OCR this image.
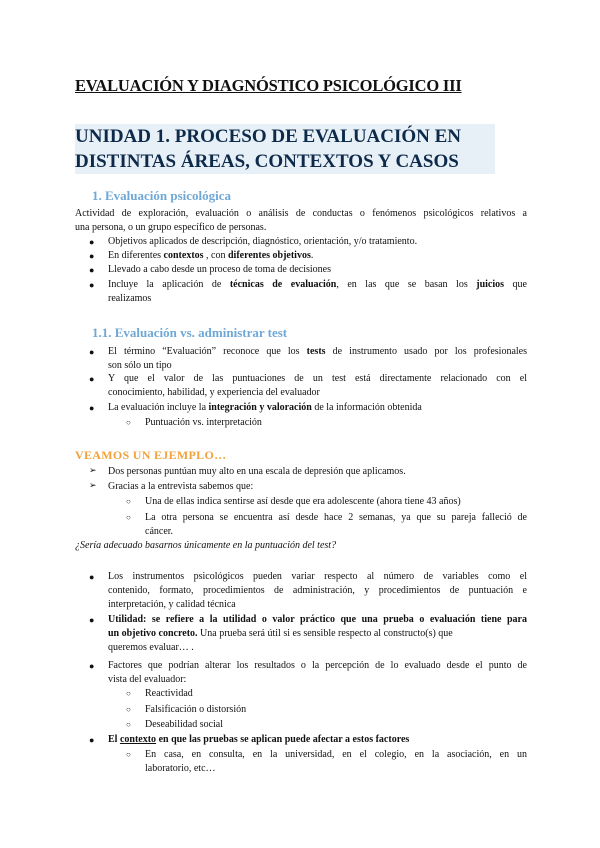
EVALUACIÓN Y DIAGNÓSTICO PSICOLÓGICO III
UNIDAD 1. PROCESO DE EVALUACIÓN EN
DISTINTAS ÁREAS, CONTEXTOS Y CASOS
1. Evaluación psicológica
Actividad de exploración, evaluación o análisis de conductas o fenómenos psicológicos relativos a
una persona, o un grupo específico de personas.
● Objetivos aplicados de descripción, diagnóstico, orientación, y/o tratamiento.
● En diferentes contextos , con diferentes objetivos.
● Llevado a cabo desde un proceso de toma de decisiones
● Incluye la aplicación de técnicas de evaluación, en las que se basan los juicios que
realizamos
1.1. Evaluación vs. administrar test
● El término “Evaluación” reconoce que los tests de instrumento usado por los profesionales
son sólo un tipo
● Y que el valor de las puntuaciones de un test está directamente relacionado con el
conocimiento, habilidad, y experiencia del evaluador
● La evaluación incluye la integración y valoración de la información obtenida
○ Puntuación vs. interpretación
VEAMOS UN EJEMPLO…
➢ Dos personas puntúan muy alto en una escala de depresión que aplicamos.
➢ Gracias a la entrevista sabemos que:
○ Una de ellas indica sentirse así desde que era adolescente (ahora tiene 43 años)
○ La otra persona se encuentra así desde hace 2 semanas, ya que su pareja falleció de
cáncer.
¿Sería adecuado basarnos únicamente en la puntuación del test?
● Los instrumentos psicológicos pueden variar respecto al número de variables como el
contenido, formato, procedimientos de administración, y procedimientos de puntuación e
interpretación, y calidad técnica
● Utilidad: se refiere a la utilidad o valor práctico que una prueba o evaluación tiene para
un objetivo concreto. Una prueba será útil si es sensible respecto al constructo(s) que
queremos evaluar… .
● Factores que podrían alterar los resultados o la percepción de lo evaluado desde el punto de
vista del evaluador:
○ Reactividad
○ Falsificación o distorsión
○ Deseabilidad social
● El contexto en que las pruebas se aplican puede afectar a estos factores
○ En casa, en consulta, en la universidad, en el colegio, en la asociación, en un
laboratorio, etc…
